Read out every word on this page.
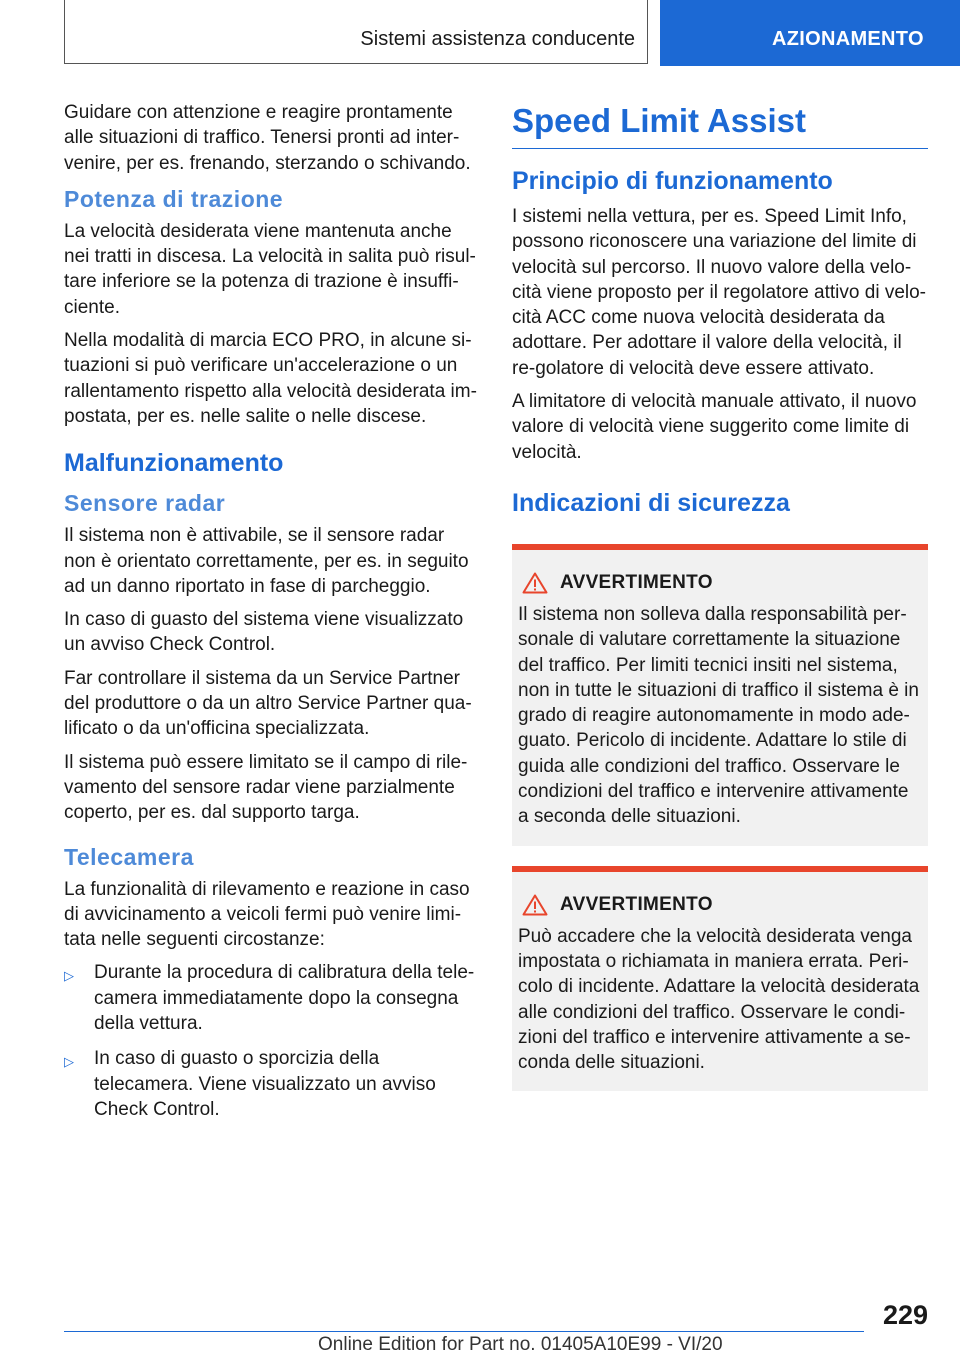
Sistemi assistenza conducente	AZIONAMENTO

Guidare con attenzione e reagire prontamente alle situazioni di traffico. Tenersi pronti ad inter-venire, per es. frenando, sterzando o schivando.

Potenza di trazione

La velocità desiderata viene mantenuta anche nei tratti in discesa. La velocità in salita può risul-tare inferiore se la potenza di trazione è insuffi-ciente.

Nella modalità di marcia ECO PRO, in alcune si-tuazioni si può verificare un'accelerazione o un rallentamento rispetto alla velocità desiderata im-postata, per es. nelle salite o nelle discese.

Malfunzionamento
Sensore radar

Il sistema non è attivabile, se il sensore radar non è orientato correttamente, per es. in seguito ad un danno riportato in fase di parcheggio.

In caso di guasto del sistema viene visualizzato un avviso Check Control.

Far controllare il sistema da un Service Partner del produttore o da un altro Service Partner qua-lificato o da un'officina specializzata.

Il sistema può essere limitato se il campo di rile-vamento del sensore radar viene parzialmente coperto, per es. dal supporto targa.

Telecamera

La funzionalità di rilevamento e reazione in caso di avvicinamento a veicoli fermi può venire limi-tata nelle seguenti circostanze:

▷	Durante la procedura di calibratura della tele-camera immediatamente dopo la consegna della vettura.
▷	In caso di guasto o sporcizia della telecamera. Viene visualizzato un avviso Check Control.
Speed Limit Assist
Principio di funzionamento

I sistemi nella vettura, per es. Speed Limit Info, possono riconoscere una variazione del limite di velocità sul percorso. Il nuovo valore della velo-cità viene proposto per il regolatore attivo di velo-cità ACC come nuova velocità desiderata da adottare. Per adottare il valore della velocità, il re-golatore di velocità deve essere attivato.

A limitatore di velocità manuale attivato, il nuovo valore di velocità viene suggerito come limite di velocità.

Indicazioni di sicurezza
AVVERTIMENTO

Il sistema non solleva dalla responsabilità per-sonale di valutare correttamente la situazione del traffico. Per limiti tecnici insiti nel sistema, non in tutte le situazioni di traffico il sistema è in grado di reagire autonomamente in modo ade-guato. Pericolo di incidente. Adattare lo stile di guida alle condizioni del traffico. Osservare le condizioni del traffico e intervenire attivamente a seconda delle situazioni.

AVVERTIMENTO

Può accadere che la velocità desiderata venga impostata o richiamata in maniera errata. Peri-colo di incidente. Adattare la velocità desiderata alle condizioni del traffico. Osservare le condi-zioni del traffico e intervenire attivamente a se-conda delle situazioni.

229
Online Edition for Part no. 01405A10E99 - VI/20
